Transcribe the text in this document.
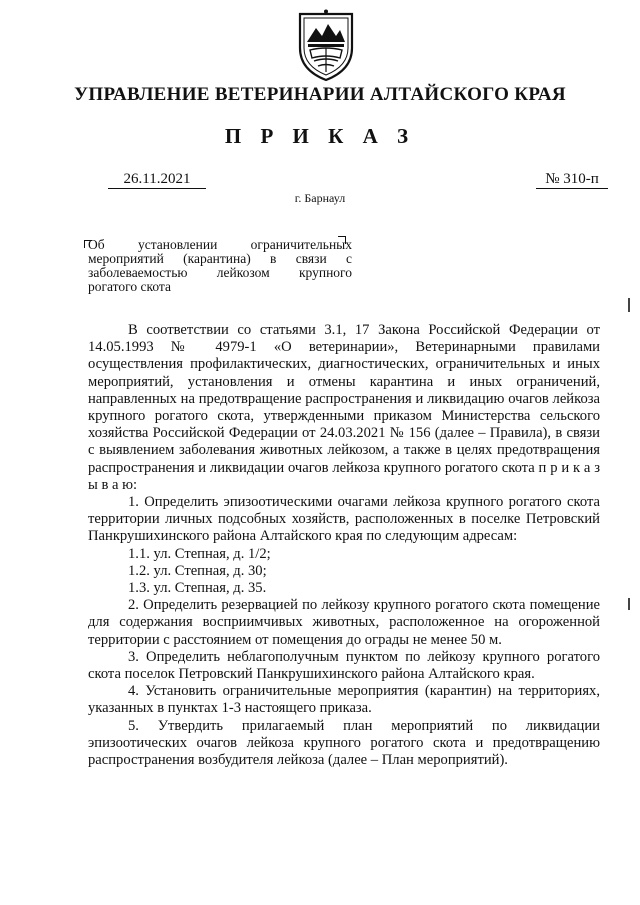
УПРАВЛЕНИЕ ВЕТЕРИНАРИИ АЛТАЙСКОГО КРАЯ
П Р И К А З
26.11.2021	№ 310-п
г. Барнаул
Об установлении ограничительных мероприятий (карантина) в связи с заболеваемостью лейкозом крупного рогатого скота

В соответствии со статьями 3.1, 17 Закона Российской Федерации от 14.05.1993 № 4979-1 «О ветеринарии», Ветеринарными правилами осуществления профилактических, диагностических, ограничительных и иных мероприятий, установления и отмены карантина и иных ограничений, направленных на предотвращение распространения и ликвидацию очагов лейкоза крупного рогатого скота, утвержденными приказом Министерства сельского хозяйства Российской Федерации от 24.03.2021 № 156 (далее – Правила), в связи с выявлением заболевания животных лейкозом, а также в целях предотвращения распространения и ликвидации очагов лейкоза крупного рогатого скота п р и к а з ы в а ю:

1. Определить эпизоотическими очагами лейкоза крупного рогатого скота территории личных подсобных хозяйств, расположенных в поселке Петровский Панкрушихинского района Алтайского края по следующим адресам:

1.1. ул. Степная, д. 1/2;

1.2. ул. Степная, д. 30;

1.3. ул. Степная, д. 35.

2. Определить резервацией по лейкозу крупного рогатого скота помещение для содержания восприимчивых животных, расположенное на огороженной территории с расстоянием от помещения до ограды не менее 50 м.

3. Определить неблагополучным пунктом по лейкозу крупного рогатого скота поселок Петровский Панкрушихинского района Алтайского края.

4. Установить ограничительные мероприятия (карантин) на территориях, указанных в пунктах 1-3 настоящего приказа.

5. Утвердить прилагаемый план мероприятий по ликвидации эпизоотических очагов лейкоза крупного рогатого скота и предотвращению распространения возбудителя лейкоза (далее – План мероприятий).
